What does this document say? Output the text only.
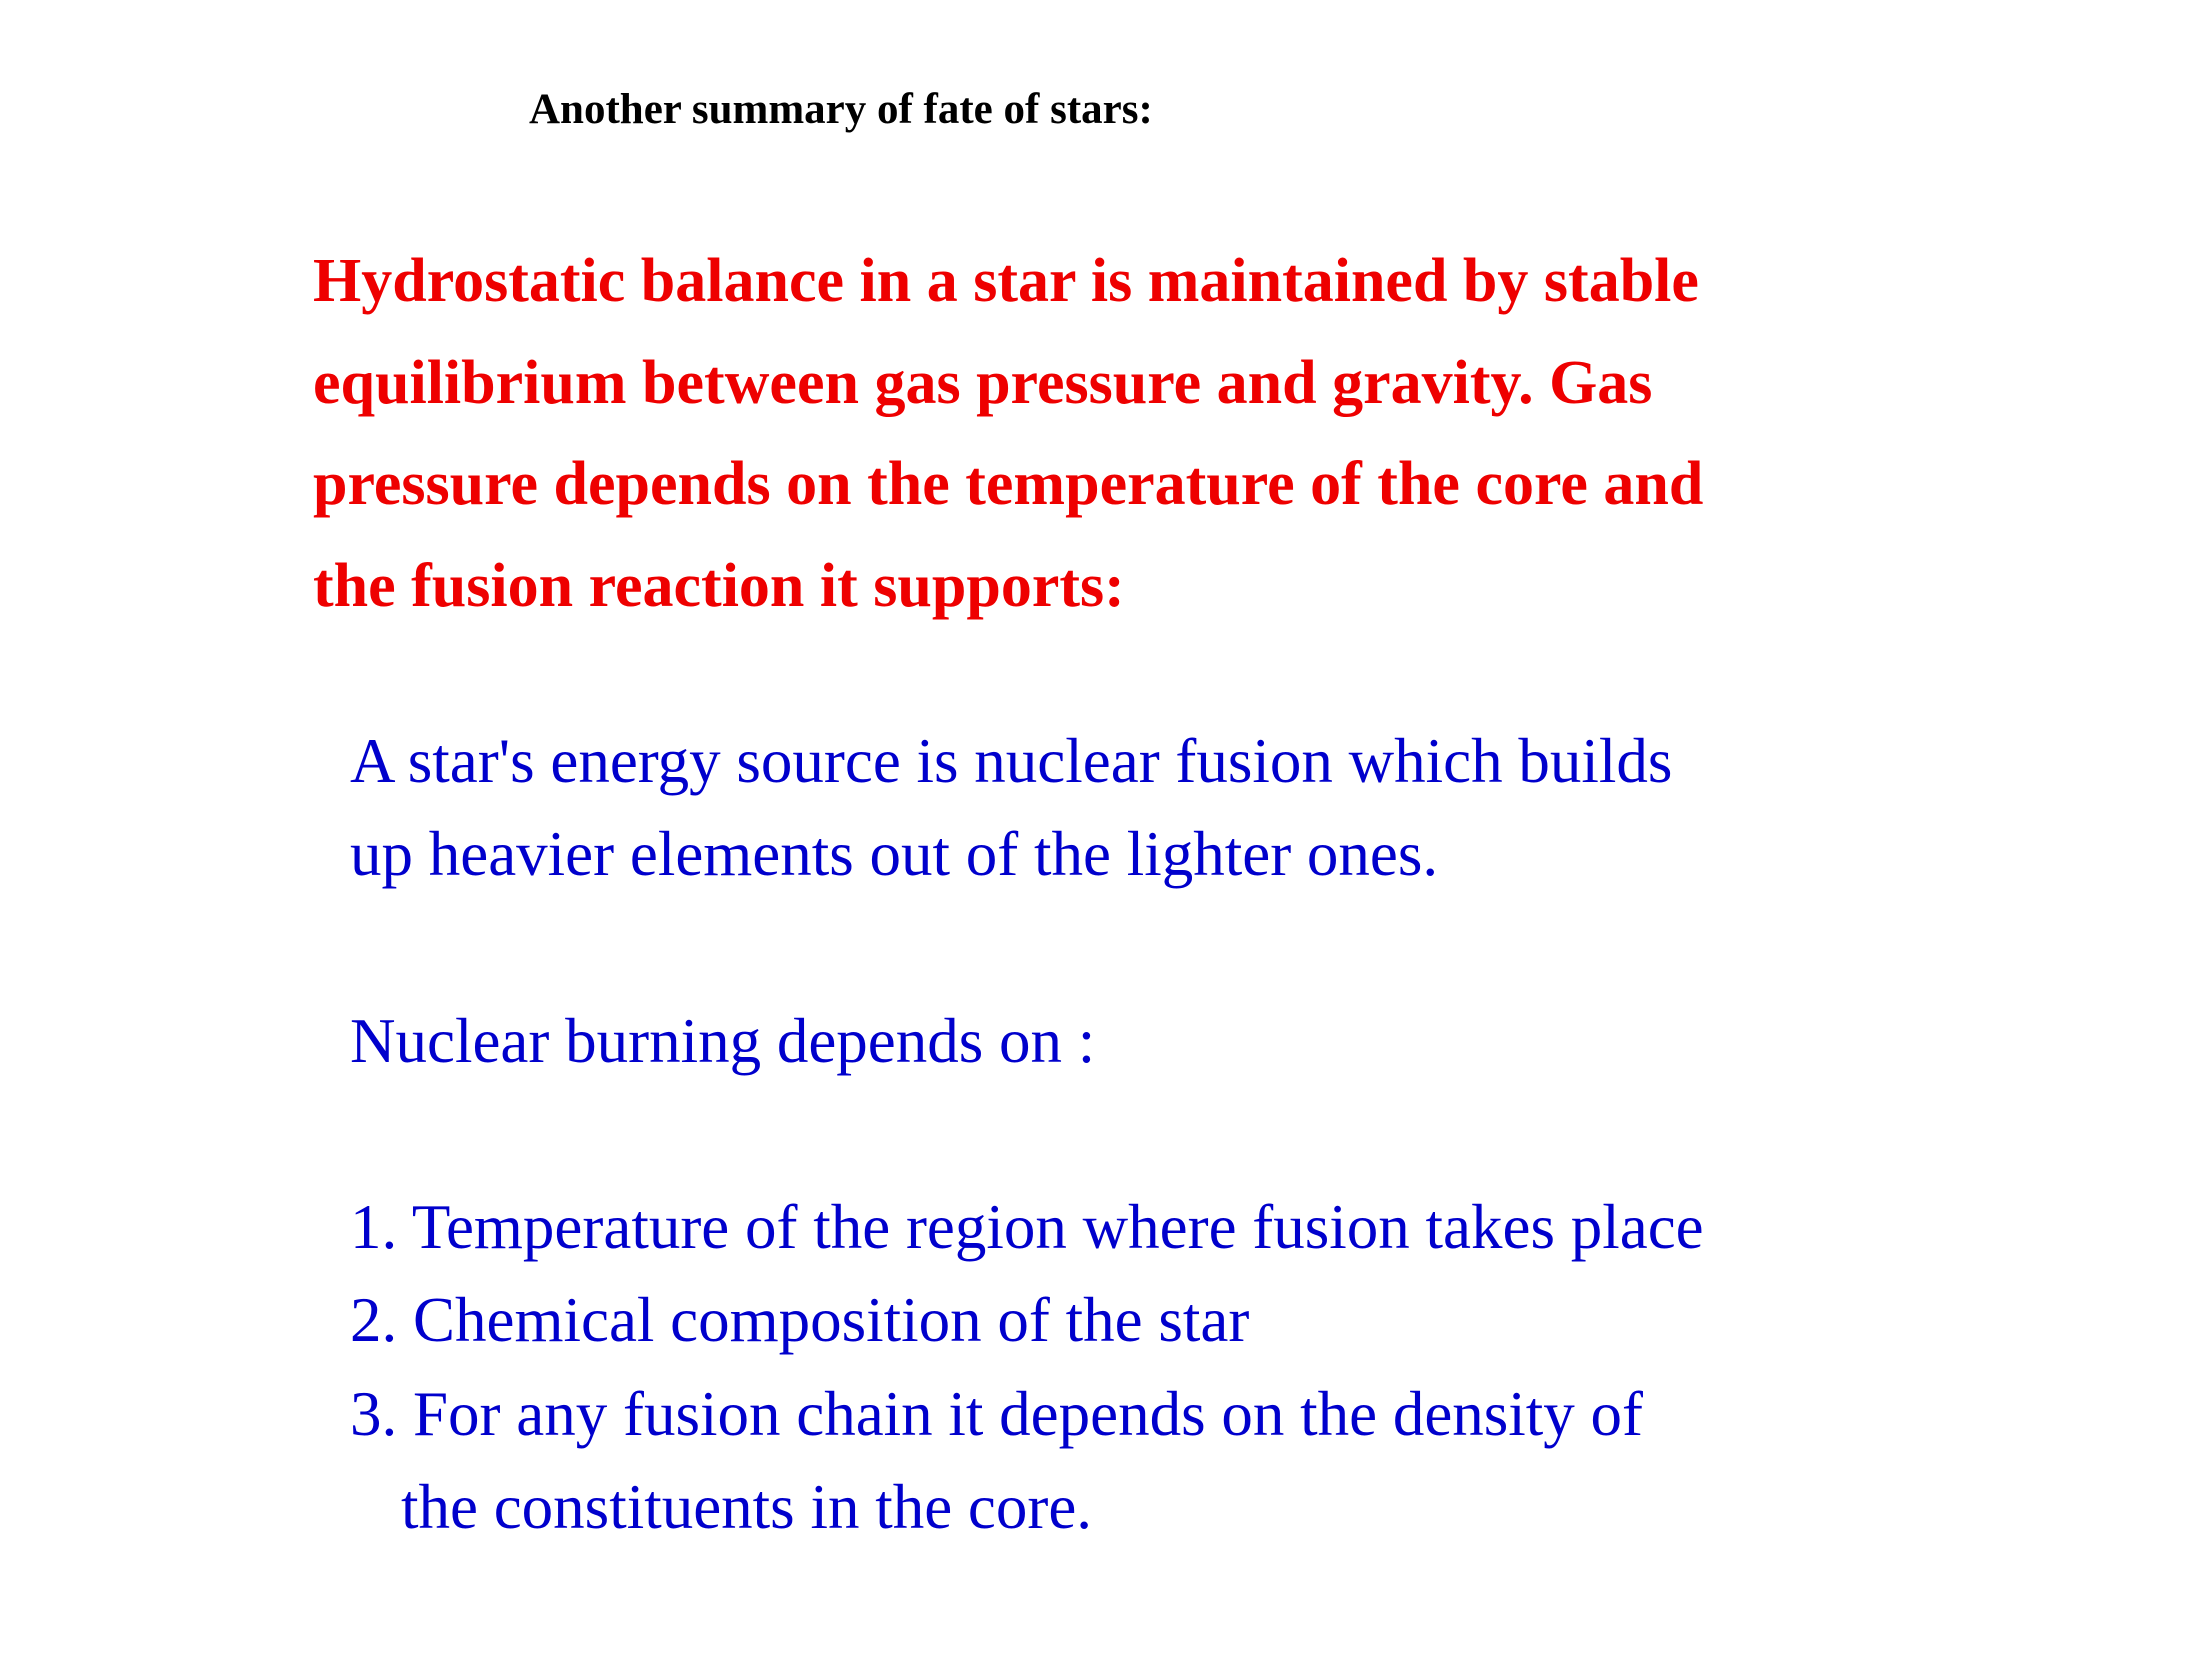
Another summary of fate of stars:
Hydrostatic balance in a star is maintained by stable
equilibrium between gas pressure and gravity. Gas
pressure depends on the temperature of the core and
the fusion reaction it supports:
A star's energy source is nuclear fusion which builds
up heavier elements out of the lighter ones.
Nuclear burning depends on :
1. Temperature of the region where fusion takes place
2. Chemical composition of the star
3. For any fusion chain it depends on the density of
the constituents in the core.
